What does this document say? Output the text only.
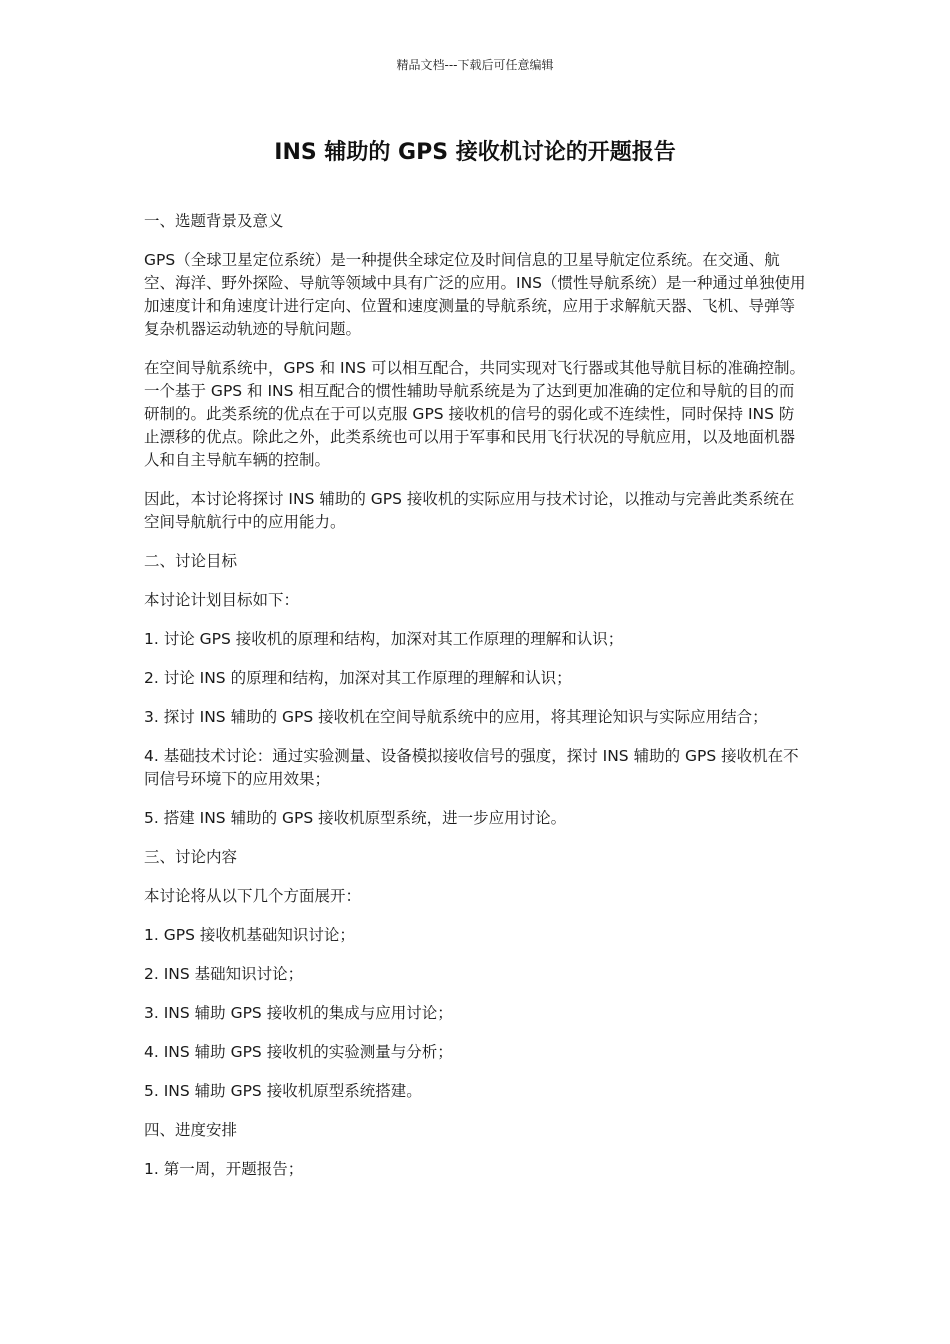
精品文档---下载后可任意编辑
INS 辅助的 GPS 接收机讨论的开题报告

一、选题背景及意义

GPS（全球卫星定位系统）是一种提供全球定位及时间信息的卫星导航定位系统。在交通、航空、海洋、野外探险、导航等领域中具有广泛的应用。INS（惯性导航系统）是一种通过单独使用加速度计和角速度计进行定向、位置和速度测量的导航系统，应用于求解航天器、飞机、导弹等复杂机器运动轨迹的导航问题。

在空间导航系统中，GPS 和 INS 可以相互配合，共同实现对飞行器或其他导航目标的准确控制。一个基于 GPS 和 INS 相互配合的惯性辅助导航系统是为了达到更加准确的定位和导航的目的而研制的。此类系统的优点在于可以克服 GPS 接收机的信号的弱化或不连续性，同时保持 INS 防止漂移的优点。除此之外，此类系统也可以用于军事和民用飞行状况的导航应用，以及地面机器人和自主导航车辆的控制。

因此，本讨论将探讨 INS 辅助的 GPS 接收机的实际应用与技术讨论，以推动与完善此类系统在空间导航航行中的应用能力。

二、讨论目标

本讨论计划目标如下：

1. 讨论 GPS 接收机的原理和结构，加深对其工作原理的理解和认识；

2. 讨论 INS 的原理和结构，加深对其工作原理的理解和认识；

3. 探讨 INS 辅助的 GPS 接收机在空间导航系统中的应用，将其理论知识与实际应用结合；

4. 基础技术讨论：通过实验测量、设备模拟接收信号的强度，探讨 INS 辅助的 GPS 接收机在不同信号环境下的应用效果；

5. 搭建 INS 辅助的 GPS 接收机原型系统，进一步应用讨论。

三、讨论内容

本讨论将从以下几个方面展开：

1. GPS 接收机基础知识讨论；

2. INS 基础知识讨论；

3. INS 辅助 GPS 接收机的集成与应用讨论；

4. INS 辅助 GPS 接收机的实验测量与分析；

5. INS 辅助 GPS 接收机原型系统搭建。

四、进度安排

1. 第一周，开题报告；
